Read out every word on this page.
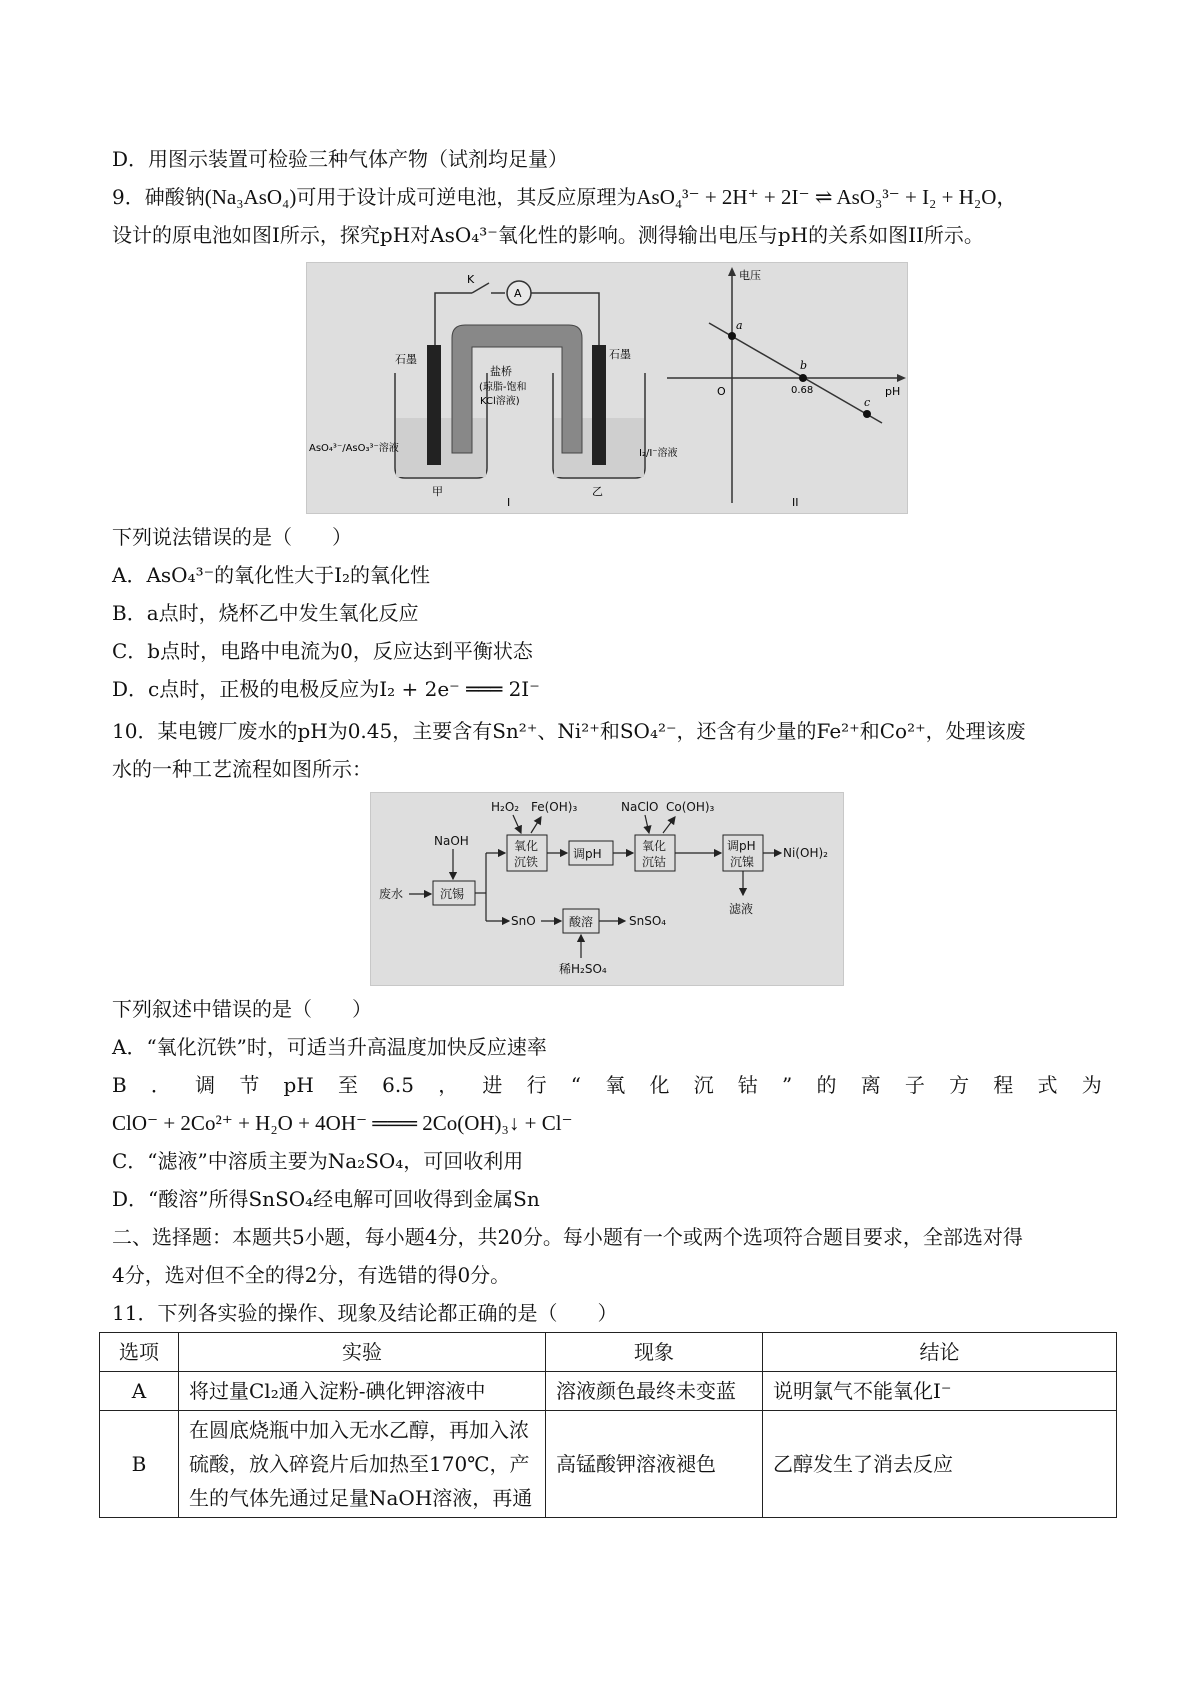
D．用图示装置可检验三种气体产物（试剂均足量）
9．砷酸钠(Na₃AsO₄)可用于设计成可逆电池，其反应原理为AsO₄³⁻ + 2H⁺ + 2I⁻ ⇌ AsO₃³⁻ + I₂ + H₂O，
设计的原电池如图I所示，探究pH对AsO₄³⁻氧化性的影响。测得输出电压与pH的关系如图II所示。
K
A
石墨	石墨
盐桥
(琼脂-饱和
KCl溶液)
AsO₄³⁻/AsO₃³⁻溶液	I₂/I⁻溶液
甲	乙
I
电压
pH
O
a
b
c
0.68
II
下列说法错误的是（　　）
A．AsO₄³⁻的氧化性大于I₂的氧化性
B．a点时，烧杯乙中发生氧化反应
C．b点时，电路中电流为0，反应达到平衡状态
D．c点时，正极的电极反应为I₂ + 2e⁻ ═══ 2I⁻
10．某电镀厂废水的pH为0.45，主要含有Sn²⁺、Ni²⁺和SO₄²⁻，还含有少量的Fe²⁺和Co²⁺，处理该废
水的一种工艺流程如图所示：
废水
NaOH
沉锡
H₂O₂ Fe(OH)₃
氧化
沉铁
调pH
NaClO Co(OH)₃
氧化
沉钴
调pH
沉镍
Ni(OH)₂
滤液
SnO	酸溶	SnSO₄
稀H₂SO₄
下列叙述中错误的是（　　）
A．“氧化沉铁”时，可适当升高温度加快反应速率
B ． 调 节 pH 至 6.5 ， 进 行 “ 氧 化 沉 钴 ” 的 离 子 方 程 式 为
ClO⁻ + 2Co²⁺ + H₂O + 4OH⁻ ═══ 2Co(OH)₃↓ + Cl⁻
C．“滤液”中溶质主要为Na₂SO₄，可回收利用
D．“酸溶”所得SnSO₄经电解可回收得到金属Sn
二、选择题：本题共5小题，每小题4分，共20分。每小题有一个或两个选项符合题目要求，全部选对得
4分，选对但不全的得2分，有选错的得0分。
11．下列各实验的操作、现象及结论都正确的是（　　）
选项	实验	现象	结论
A	将过量Cl₂通入淀粉-碘化钾溶液中	溶液颜色最终未变蓝	说明氯气不能氧化I⁻
B	在圆底烧瓶中加入无水乙醇，再加入浓硫酸，放入碎瓷片后加热至170℃，产生的气体先通过足量NaOH溶液，再通	高锰酸钾溶液褪色	乙醇发生了消去反应
